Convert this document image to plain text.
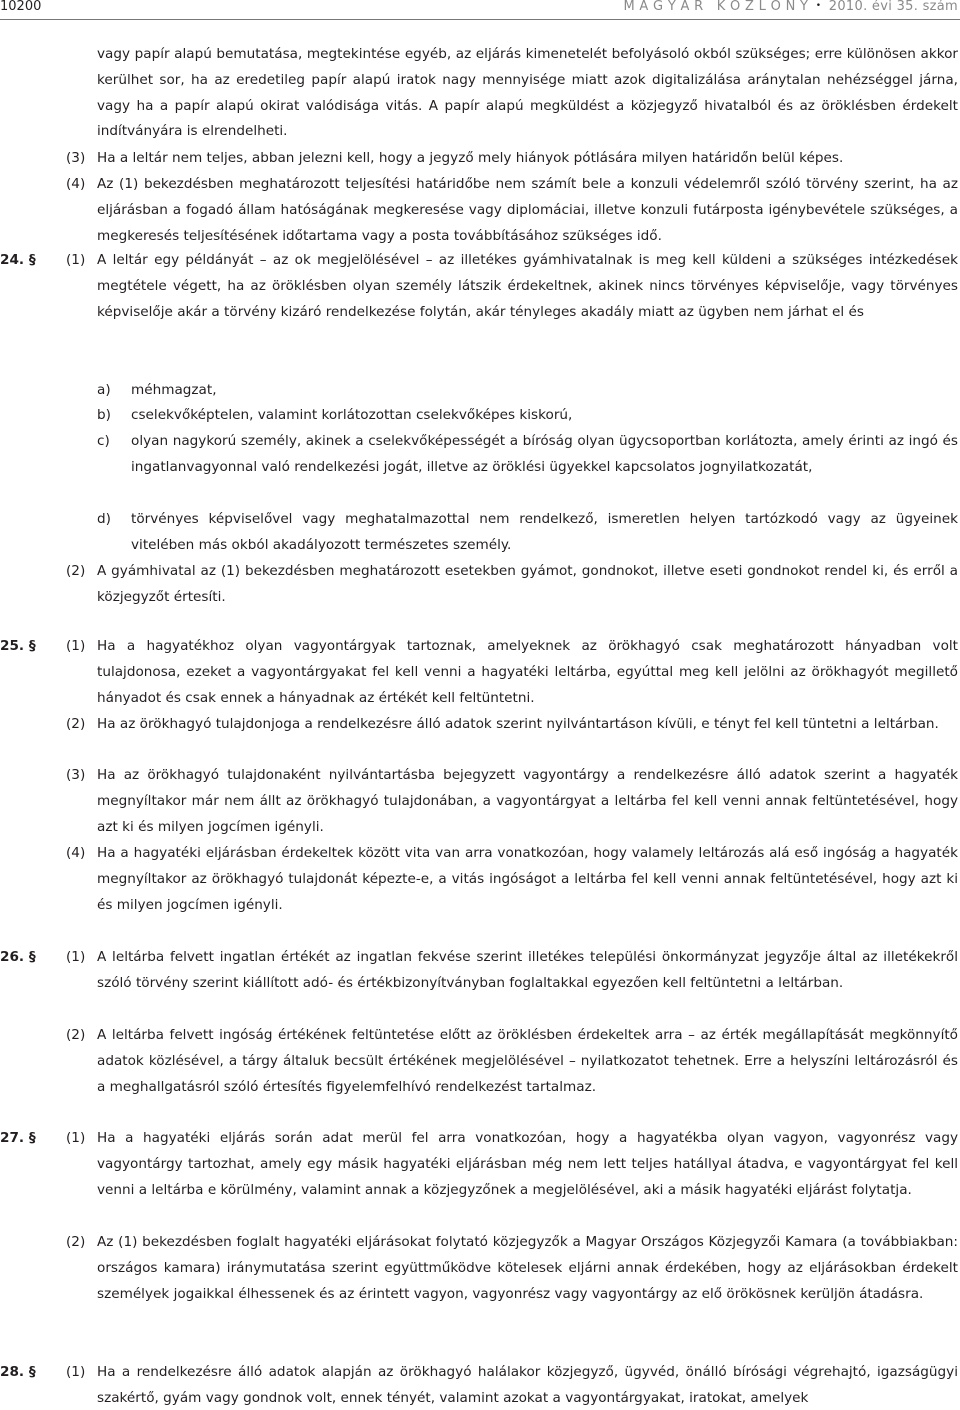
10200	M A G Y A R   K Ö Z L Ö N Y • 2010. évi 35. szám
vagy papír alapú bemutatása, megtekintése egyéb, az eljárás kimenetelét befolyásoló okból szükséges; erre különösen akkor kerülhet sor, ha az eredetileg papír alapú iratok nagy mennyisége miatt azok digitalizálása aránytalan nehézséggel járna, vagy ha a papír alapú okirat valódisága vitás. A papír alapú megküldést a közjegyző hivatalból és az öröklésben érdekelt indítványára is elrendelheti.
(3) Ha a leltár nem teljes, abban jelezni kell, hogy a jegyző mely hiányok pótlására milyen határidőn belül képes.
(4) Az (1) bekezdésben meghatározott teljesítési határidőbe nem számít bele a konzuli védelemről szóló törvény szerint, ha az eljárásban a fogadó állam hatóságának megkeresése vagy diplomáciai, illetve konzuli futárposta igénybevétele szükséges, a megkeresés teljesítésének időtartama vagy a posta továbbításához szükséges idő.
24. §	(1) A leltár egy példányát – az ok megjelölésével – az illetékes gyámhivatalnak is meg kell küldeni a szükséges intézkedések megtétele végett, ha az öröklésben olyan személy látszik érdekeltnek, akinek nincs törvényes képviselője, vagy törvényes képviselője akár a törvény kizáró rendelkezése folytán, akár tényleges akadály miatt az ügyben nem járhat el és
a)	méhmagzat,
b)	cselekvőképtelen, valamint korlátozottan cselekvőképes kiskorú,
c)	olyan nagykorú személy, akinek a cselekvőképességét a bíróság olyan ügycsoportban korlátozta, amely érinti az ingó és ingatlanvagyonnal való rendelkezési jogát, illetve az öröklési ügyekkel kapcsolatos jognyilatkozatát,
d)	törvényes képviselővel vagy meghatalmazottal nem rendelkező, ismeretlen helyen tartózkodó vagy az ügyeinek vitelében más okból akadályozott természetes személy.
(2) A gyámhivatal az (1) bekezdésben meghatározott esetekben gyámot, gondnokot, illetve eseti gondnokot rendel ki, és erről a közjegyzőt értesíti.
25. §	(1) Ha a hagyatékhoz olyan vagyontárgyak tartoznak, amelyeknek az örökhagyó csak meghatározott hányadban volt tulajdonosa, ezeket a vagyontárgyakat fel kell venni a hagyatéki leltárba, egyúttal meg kell jelölni az örökhagyót megillető hányadot és csak ennek a hányadnak az értékét kell feltüntetni.
(2) Ha az örökhagyó tulajdonjoga a rendelkezésre álló adatok szerint nyilvántartáson kívüli, e tényt fel kell tüntetni a leltárban.
(3) Ha az örökhagyó tulajdonaként nyilvántartásba bejegyzett vagyontárgy a rendelkezésre álló adatok szerint a hagyaték megnyíltakor már nem állt az örökhagyó tulajdonában, a vagyontárgyat a leltárba fel kell venni annak feltüntetésével, hogy azt ki és milyen jogcímen igényli.
(4) Ha a hagyatéki eljárásban érdekeltek között vita van arra vonatkozóan, hogy valamely leltározás alá eső ingóság a hagyaték megnyíltakor az örökhagyó tulajdonát képezte-e, a vitás ingóságot a leltárba fel kell venni annak feltüntetésével, hogy azt ki és milyen jogcímen igényli.
26. §	(1) A leltárba felvett ingatlan értékét az ingatlan fekvése szerint illetékes települési önkormányzat jegyzője által az illetékekről szóló törvény szerint kiállított adó- és értékbizonyítványban foglaltakkal egyezően kell feltüntetni a leltárban.
(2) A leltárba felvett ingóság értékének feltüntetése előtt az öröklésben érdekeltek arra – az érték megállapítását megkönnyítő adatok közlésével, a tárgy általuk becsült értékének megjelölésével – nyilatkozatot tehetnek. Erre a helyszíni leltározásról és a meghallgatásról szóló értesítés figyelemfelhívó rendelkezést tartalmaz.
27. §	(1) Ha a hagyatéki eljárás során adat merül fel arra vonatkozóan, hogy a hagyatékba olyan vagyon, vagyonrész vagy vagyontárgy tartozhat, amely egy másik hagyatéki eljárásban még nem lett teljes hatállyal átadva, e vagyontárgyat fel kell venni a leltárba e körülmény, valamint annak a közjegyzőnek a megjelölésével, aki a másik hagyatéki eljárást folytatja.
(2) Az (1) bekezdésben foglalt hagyatéki eljárásokat folytató közjegyzők a Magyar Országos Közjegyzői Kamara (a továbbiakban: országos kamara) iránymutatása szerint együttműködve kötelesek eljárni annak érdekében, hogy az eljárásokban érdekelt személyek jogaikkal élhessenek és az érintett vagyon, vagyonrész vagy vagyontárgy az elő örökösnek kerüljön átadásra.
28. §	(1) Ha a rendelkezésre álló adatok alapján az örökhagyó halálakor közjegyző, ügyvéd, önálló bírósági végrehajtó, igazságügyi szakértő, gyám vagy gondnok volt, ennek tényét, valamint azokat a vagyontárgyakat, iratokat, amelyek
